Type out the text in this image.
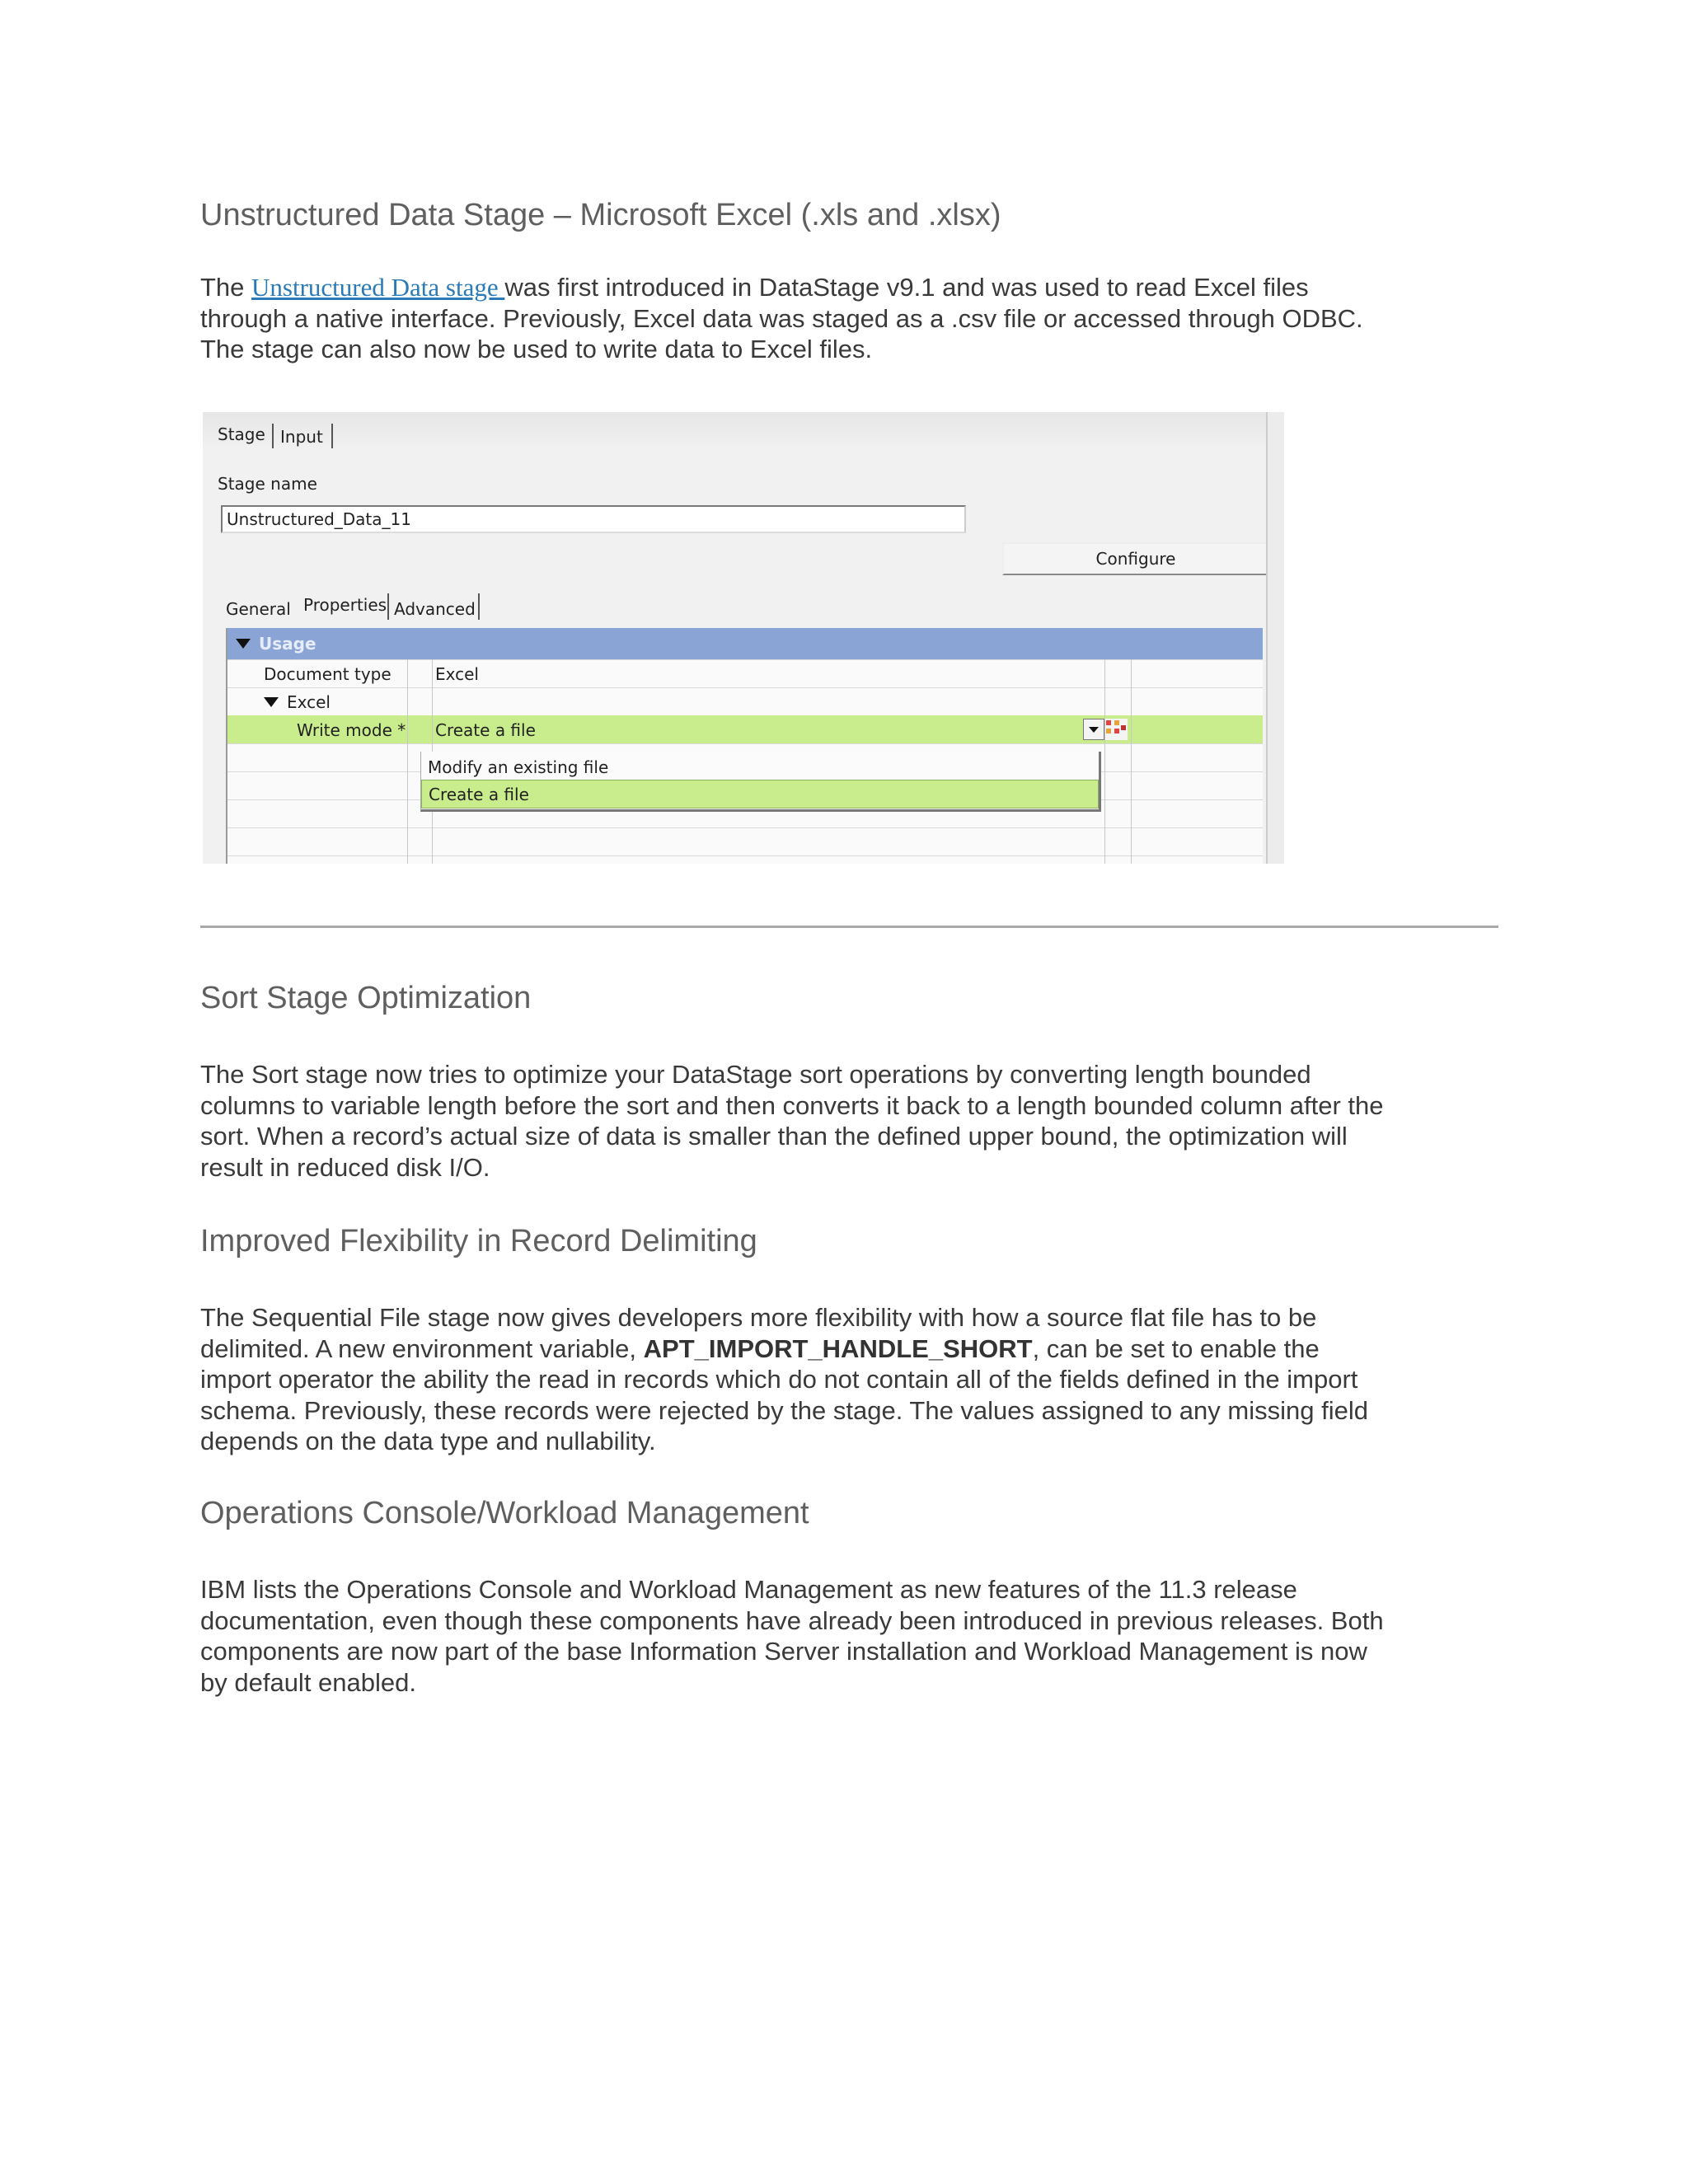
Unstructured Data Stage – Microsoft Excel (.xls and .xlsx)
The Unstructured Data stage was first introduced in DataStage v9.1 and was used to read Excel files
through a native interface. Previously, Excel data was staged as a .csv file or accessed through ODBC.
The stage can also now be used to write data to Excel files.
Stage Input
Stage name
Unstructured_Data_11
Configure
General Properties Advanced
Usage
Document type	Excel
Excel
Write mode * Create a file
Modify an existing file
Create a file
Sort Stage Optimization
The Sort stage now tries to optimize your DataStage sort operations by converting length bounded
columns to variable length before the sort and then converts it back to a length bounded column after the
sort. When a record’s actual size of data is smaller than the defined upper bound, the optimization will
result in reduced disk I/O.
Improved Flexibility in Record Delimiting
The Sequential File stage now gives developers more flexibility with how a source flat file has to be
delimited. A new environment variable, APT_IMPORT_HANDLE_SHORT, can be set to enable the
import operator the ability the read in records which do not contain all of the fields defined in the import
schema. Previously, these records were rejected by the stage. The values assigned to any missing field
depends on the data type and nullability.
Operations Console/Workload Management
IBM lists the Operations Console and Workload Management as new features of the 11.3 release
documentation, even though these components have already been introduced in previous releases. Both
components are now part of the base Information Server installation and Workload Management is now
by default enabled.
